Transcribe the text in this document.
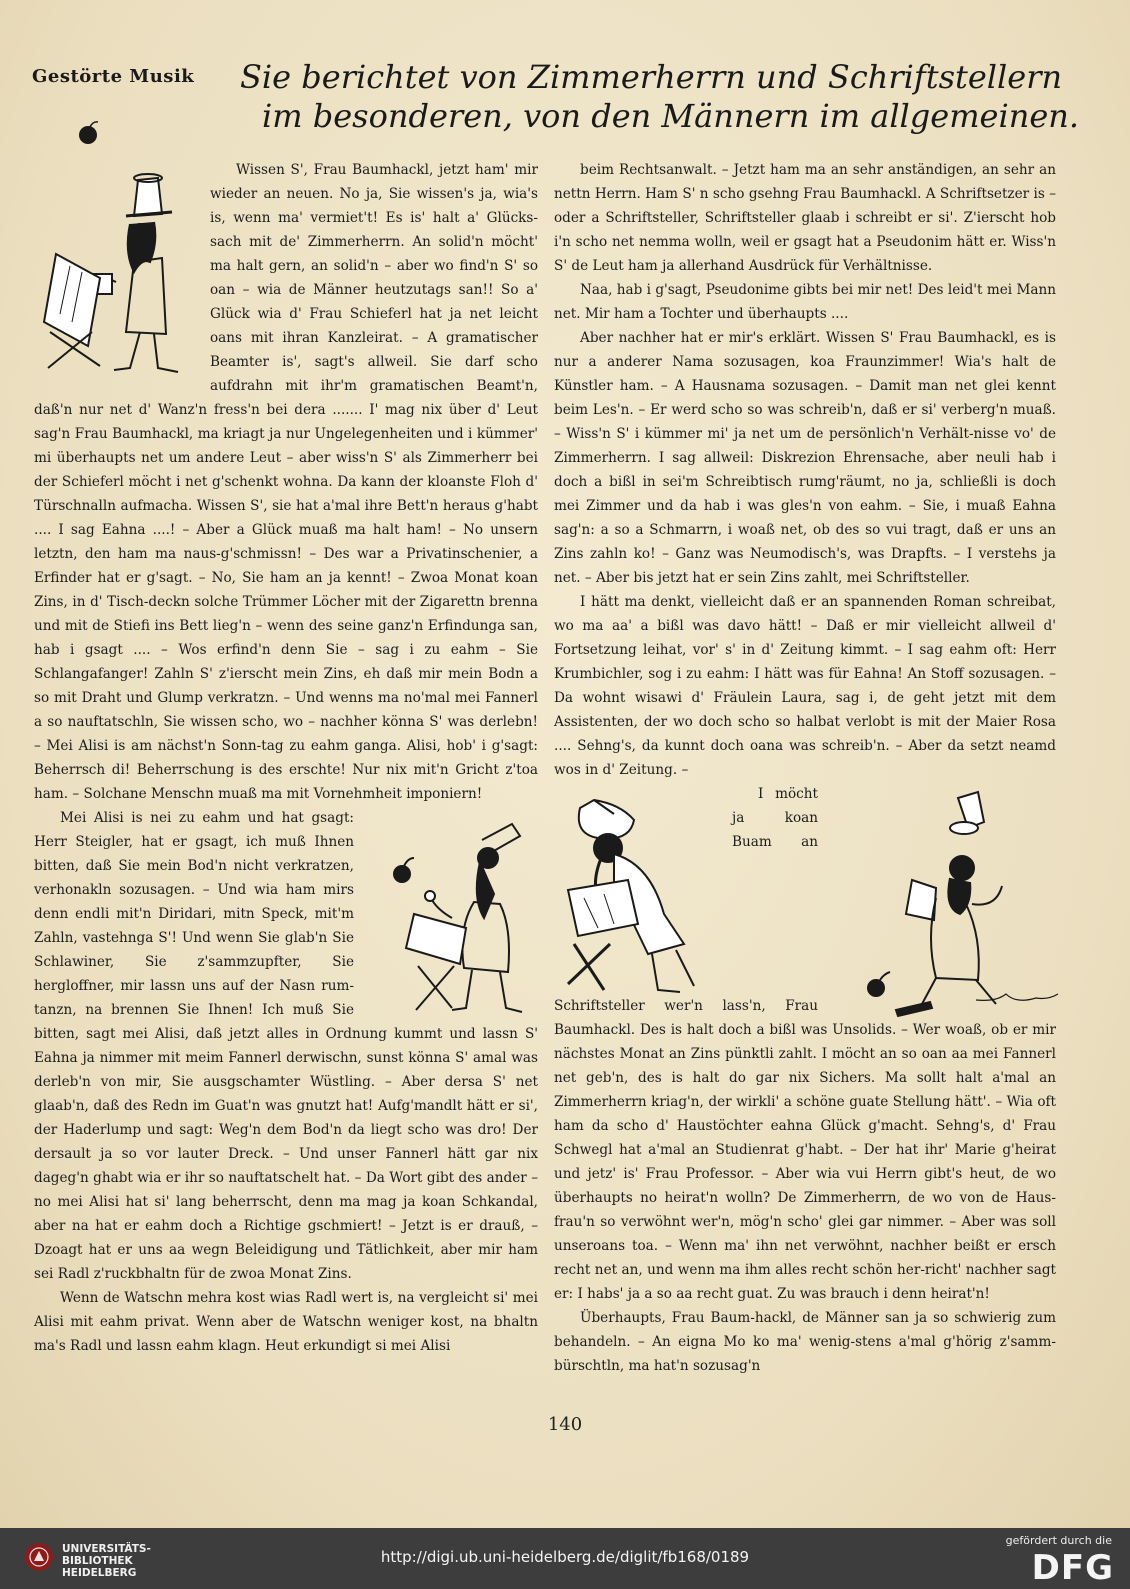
Gestörte Musik Sie berichtet von Zimmerherrn und Schriftstellern
im besonderen, von den Männern im allgemeinen.

Wissen S', Frau Baumhackl, jetzt ham' mir wieder an neuen. No ja, Sie wissen's ja, wia's is, wenn ma' vermiet't! Es is' halt a' Glücks-sach mit de' Zimmerherrn. An solid'n möcht' ma halt gern, an solid'n – aber wo find'n S' so oan – wia de Männer heutzutags san!! So a' Glück wia d' Frau Schieferl hat ja net leicht oans mit ihran Kanzleirat. – A gramatischer Beamter is', sagt's allweil. Sie darf scho aufdrahn mit ihr'm gramatischen Beamt'n, daß'n nur net d' Wanz'n fress'n bei dera ....... I' mag nix über d' Leut sag'n Frau Baumhackl, ma kriagt ja nur Ungelegenheiten und i kümmer' mi überhaupts net um andere Leut – aber wiss'n S' als Zimmerherr bei der Schieferl möcht i net g'schenkt wohna. Da kann der kloanste Floh d' Türschnalln aufmacha. Wissen S', sie hat a'mal ihre Bett'n heraus g'habt .... I sag Eahna ....! – Aber a Glück muaß ma halt ham! – No unsern letztn, den ham ma naus-g'schmissn! – Des war a Privatinschenier, a Erfinder hat er g'sagt. – No, Sie ham an ja kennt! – Zwoa Monat koan Zins, in d' Tisch-deckn solche Trümmer Löcher mit der Zigarettn brenna und mit de Stiefi ins Bett lieg'n – wenn des seine ganz'n Erfindunga san, hab i gsagt .... – Wos erfind'n denn Sie – sag i zu eahm – Sie Schlangafanger! Zahln S' z'ierscht mein Zins, eh daß mir mein Bodn a so mit Draht und Glump verkratzn. – Und wenns ma no'mal mei Fannerl a so nauftatschln, Sie wissen scho, wo – nachher könna S' was derlebn! – Mei Alisi is am nächst'n Sonn-tag zu eahm ganga. Alisi, hob' i g'sagt: Beherrsch di! Beherrschung is des erschte! Nur nix mit'n Gricht z'toa ham. – Solchane Menschn muaß ma mit Vornehmheit imponiern!

Mei Alisi is nei zu eahm und hat gsagt: Herr Steigler, hat er gsagt, ich muß Ihnen bitten, daß Sie mein Bod'n nicht verkratzen, verhonakln sozusagen. – Und wia ham mirs denn endli mit'n Diridari, mitn Speck, mit'm Zahln, vastehnga S'! Und wenn Sie glab'n Sie Schlawiner, Sie z'sammzupfter, Sie hergloffner, mir lassn uns auf der Nasn rum-tanzn, na brennen Sie Ihnen! Ich muß Sie bitten, sagt mei Alisi, daß jetzt alles in Ordnung kummt und lassn S' Eahna ja nimmer mit meim Fannerl derwischn, sunst könna S' amal was derleb'n von mir, Sie ausgschamter Wüstling. – Aber dersa S' net glaab'n, daß des Redn im Guat'n was gnutzt hat! Aufg'mandlt hätt er si', der Haderlump und sagt: Weg'n dem Bod'n da liegt scho was dro! Der dersault ja so vor lauter Dreck. – Und unser Fannerl hätt gar nix dageg'n ghabt wia er ihr so nauftatschelt hat. – Da Wort gibt des ander – no mei Alisi hat si' lang beherrscht, denn ma mag ja koan Schkandal, aber na hat er eahm doch a Richtige gschmiert! – Jetzt is er drauß, – Dzoagt hat er uns aa wegn Beleidigung und Tätlichkeit, aber mir ham sei Radl z'ruckbhaltn für de zwoa Monat Zins.

Wenn de Watschn mehra kost wias Radl wert is, na vergleicht si' mei Alisi mit eahm privat. Wenn aber de Watschn weniger kost, na bhaltn ma's Radl und lassn eahm klagn. Heut erkundigt si mei Alisi

beim Rechtsanwalt. – Jetzt ham ma an sehr anständigen, an sehr an nettn Herrn. Ham S' n scho gsehng Frau Baumhackl. A Schriftsetzer is – oder a Schriftsteller, Schriftsteller glaab i schreibt er si'. Z'ierscht hob i'n scho net nemma wolln, weil er gsagt hat a Pseudonim hätt er. Wiss'n S' de Leut ham ja allerhand Ausdrück für Verhältnisse.

Naa, hab i g'sagt, Pseudonime gibts bei mir net! Des leid't mei Mann net. Mir ham a Tochter und überhaupts ....

Aber nachher hat er mir's erklärt. Wissen S' Frau Baumhackl, es is nur a anderer Nama sozusagen, koa Fraunzimmer! Wia's halt de Künstler ham. – A Hausnama sozusagen. – Damit man net glei kennt beim Les'n. – Er werd scho so was schreib'n, daß er si' verberg'n muaß. – Wiss'n S' i kümmer mi' ja net um de persönlich'n Verhält-nisse vo' de Zimmerherrn. I sag allweil: Diskrezion Ehrensache, aber neuli hab i doch a bißl in sei'm Schreibtisch rumg'räumt, no ja, schließli is doch mei Zimmer und da hab i was gles'n von eahm. – Sie, i muaß Eahna sag'n: a so a Schmarrn, i woaß net, ob des so vui tragt, daß er uns an Zins zahln ko! – Ganz was Neumodisch's, was Drapfts. – I verstehs ja net. – Aber bis jetzt hat er sein Zins zahlt, mei Schriftsteller.

I hätt ma denkt, vielleicht daß er an spannenden Roman schreibat, wo ma aa' a bißl was davo hätt! – Daß er mir vielleicht allweil d' Fortsetzung leihat, vor' s' in d' Zeitung kimmt. – I sag eahm oft: Herr Krumbichler, sog i zu eahm: I hätt was für Eahna! An Stoff sozusagen. – Da wohnt wisawi d' Fräulein Laura, sag i, de geht jetzt mit dem Assistenten, der wo doch scho so halbat verlobt is mit der Maier Rosa .... Sehng's, da kunnt doch oana was schreib'n. – Aber da setzt neamd wos in d' Zeitung. –

I möcht ja koan Buam an Schriftsteller wer'n lass'n, Frau Baumhackl. Des is halt doch a bißl was Unsolids. – Wer woaß, ob er mir nächstes Monat an Zins pünktli zahlt. I möcht an so oan aa mei Fannerl net geb'n, des is halt do gar nix Sichers. Ma sollt halt a'mal an Zimmerherrn kriag'n, der wirkli' a schöne guate Stellung hätt'. – Wia oft ham da scho d' Haustöchter eahna Glück g'macht. Sehng's, d' Frau Schwegl hat a'mal an Studienrat g'habt. – Der hat ihr' Marie g'heirat und jetz' is' Frau Professor. – Aber wia vui Herrn gibt's heut, de wo überhaupts no heirat'n wolln? De Zimmerherrn, de wo von de Haus-frau'n so verwöhnt wer'n, mög'n scho' glei gar nimmer. – Aber was soll unseroans toa. – Wenn ma' ihn net verwöhnt, nachher beißt er ersch recht net an, und wenn ma ihm alles recht schön her-richt' nachher sagt er: I habs' ja a so aa recht guat. Zu was brauch i denn heirat'n!

Überhaupts, Frau Baum-hackl, de Männer san ja so schwierig zum behandeln. – An eigna Mo ko ma' wenig-stens a'mal g'hörig z'samm-bürschtln, ma hat'n sozusag'n

140
UNIVERSITÄTS-
BIBLIOTHEK
HEIDELBERG
http://digi.ub.uni-heidelberg.de/diglit/fb168/0189
gefördert durch die
DFG
